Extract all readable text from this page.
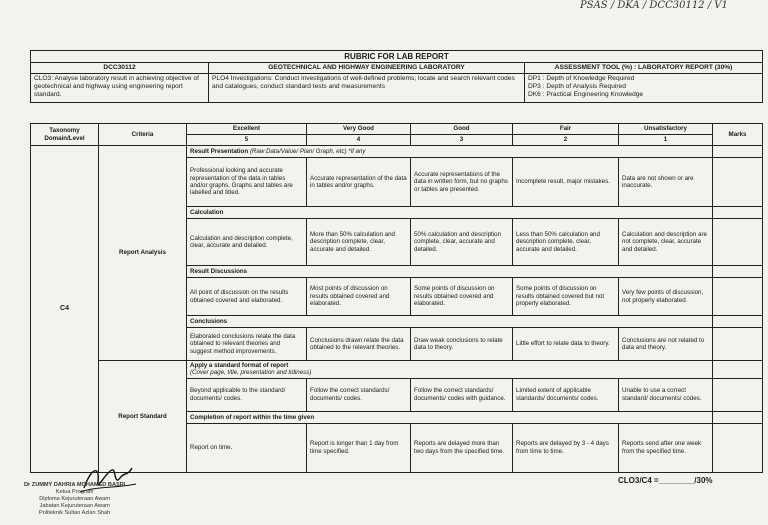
PSAS / DKA / DCC30112 / V1
RUBRIC FOR LAB REPORT		
DCC30112	GEOTECHNICAL AND HIGHWAY ENGINEERING LABORATORY	ASSESSMENT TOOL (%) : LABORATORY REPORT (30%)
CLO3: Analyse laboratory result in achieving objective of geotechnical and highway using engineering report standard.	PLO4 Investigations: Conduct investigations of well-defined problems; locate and search relevant codes and catalogues, conduct standard tests and measurements	DP1 : Depth of Knowledge Required
DP3 : Depth of Analysis Required
DK6 : Practical Engineering Knowledge
Taxonomy Domain/Level	Criteria	Excellent	Very Good	Good	Fair	Unsatisfactory	Marks
		5	4	3	2	1	
C4	Report Analysis	Result Presentation (Raw Data/Value/ Plan/ Graph, etc) *if any					
		Professional looking and accurate representation of the data in tables and/or graphs. Graphs and tables are labelled and titled.	Accurate representation of the data in tables and/or graphs.	Accurate representations of the data in written form, but no graphs or tables are presented.	Incomplete result, major mistakes.	Data are not shown or are inaccurate.	
		Calculation					
		Calculation and description complete, clear, accurate and detailed.	More than 50% calculation and description complete, clear, accurate and detailed.	50% calculation and description complete, clear, accurate and detailed.	Less than 50% calculation and description complete, clear, accurate and detailed.	Calculation and description are not complete, clear, accurate and detailed.	
		Result Discussions					
		All point of discussion on the results obtained covered and elaborated.	Most points of discussion on results obtained covered and elaborated.	Some points of discussion on results obtained covered and elaborated.	Some points of discussion on results obtained covered but not properly elaborated.	Very few points of discussion, not properly elaborated.	
		Conclusions					
		Elaborated conclusions relate the data obtained to relevant theories and suggest method improvements.	Conclusions drawn relate the data obtained to the relevant theories.	Draw weak conclusions to relate data to theory.	Little effort to relate data to theory.	Conclusions are not related to data and theory.	
	Report Standard	Apply a standard format of report
(Cover page, title, presentation and tidiness)					

		Beyond applicable to the standard/ documents/ codes.	Follow the correct standards/ documents/ codes.	Follow the correct standards/ documents/ codes with guidance.	Limited extent of applicable standards/ documents/ codes.	Unable to use a correct standard/ documents/ codes.	
		Completion of report within the time given					
		Report on time.	Report is longer than 1 day from time specified.	Reports are delayed more than two days from the specified time.	Reports are delayed by 3 - 4 days from time to time.	Reports send after one week from the specified time.	
Dr ZUMMY DAHRIA MOHAMED BASRI
Ketua Program
Diploma Kejuruteraan Awam
Jabatan Kejuruteraan Awam
Politeknik Sultan Azlan Shah
CLO3/C4 =________/30%
